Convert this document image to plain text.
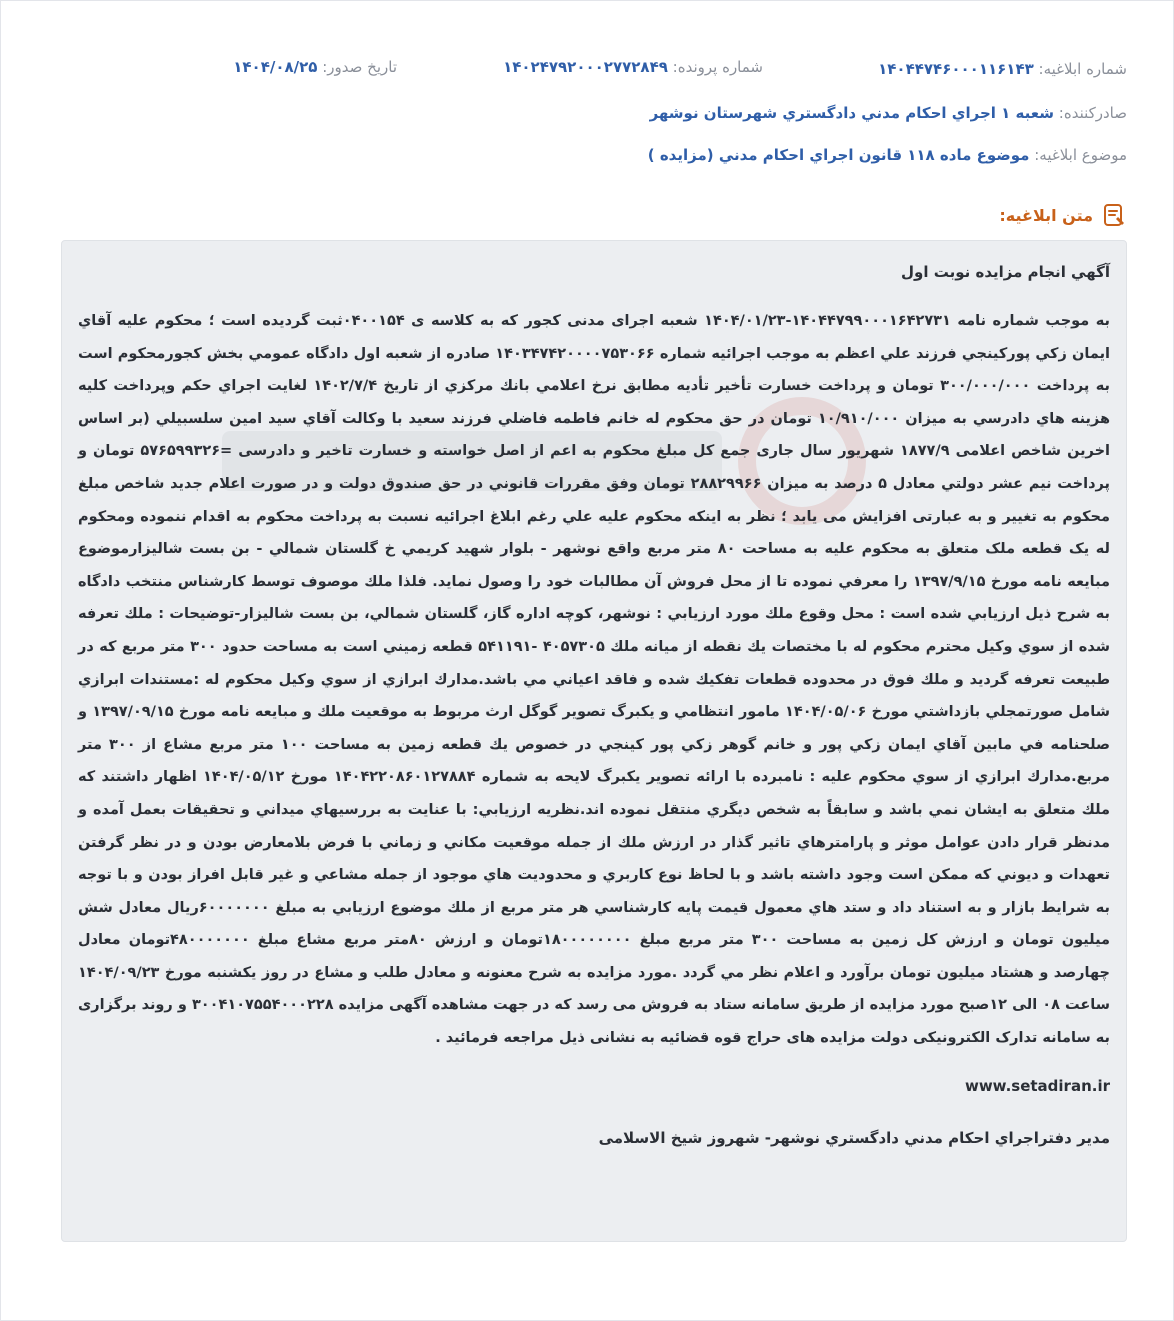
شماره ابلاغیه: ۱۴۰۴۴۷۴۶۰۰۰۱۱۶۱۴۳
شماره پرونده: ۱۴۰۲۴۷۹۲۰۰۰۲۷۷۲۸۴۹
تاریخ صدور: ۱۴۰۴/۰۸/۲۵
صادرکننده: شعبه ۱ اجراي احكام مدني دادگستري شهرستان نوشهر
موضوع ابلاغیه: موضوع ماده ۱۱۸ قانون اجراي احكام مدني (مزايده )
متن ابلاغیه:
آگهي انجام مزايده نوبت اول

به موجب شماره نامه ۱۴۰۴۴۷۹۹۰۰۰۱۶۴۲۷۳۱-۱۴۰۴/۰۱/۲۳ شعبه اجرای مدنی کجور که به کلاسه ی ۰۴۰۰۱۵۴ثبت گردیده است ؛ محکوم علیه آقاي ايمان زكي پوركينجي فرزند علي اعظم به موجب اجرائيه شماره ۱۴۰۳۴۷۴۲۰۰۰۰۷۵۳۰۶۶ صادره از شعبه اول دادگاه عمومي بخش کجورمحکوم است به پرداخت ۳۰۰/۰۰۰/۰۰۰ تومان و پرداخت خسارت تأخير تأديه مطابق نرخ اعلامي بانك مركزي از تاريخ ۱۴۰۲/۷/۴ لغايت اجراي حكم وپرداخت كليه هزينه هاي دادرسي به ميزان ۱۰/۹۱۰/۰۰۰ تومان در حق محكوم له خانم فاطمه فاضلي فرزند سعيد با وكالت آقاي سيد امين سلسبيلي (بر اساس اخرين شاخص اعلامی ۱۸۷۷/۹ شهريور سال جاری جمع کل مبلغ محکوم به اعم از اصل خواسته و خسارت تاخير و دادرسی =۵۷۶۵۹۹۳۲۶ تومان و پرداخت نيم عشر دولتي معادل ۵ درصد به ميزان ۲۸۸۲۹۹۶۶ تومان وفق مقررات قانوني در حق صندوق دولت و در صورت اعلام جديد شاخص مبلغ محکوم به تغيير و به عبارتی افزايش می يابد ؛ نظر به اينكه محكوم عليه علي رغم ابلاغ اجرائيه نسبت به پرداخت محكوم به اقدام ننموده ومحكوم له يک قطعه ملک متعلق به محکوم عليه به مساحت ۸۰ متر مربع واقع نوشهر - بلوار شهيد كريمي خ گلستان شمالي - بن بست شاليزارموضوع مبايعه نامه مورخ ۱۳۹۷/۹/۱۵ را معرفي نموده تا از محل فروش آن مطالبات خود را وصول نمايد. فلذا ملك موصوف توسط كارشناس منتخب دادگاه به شرح ذيل ارزيابي شده است : محل وقوع ملك مورد ارزيابي : نوشهر، كوچه اداره گاز، گلستان شمالي، بن بست شاليزار-توضيحات : ملك تعرفه شده از سوي وكيل محترم محكوم له با مختصات يك نقطه از ميانه ملك ۴۰۵۷۳۰۵ -۵۴۱۱۹۱ قطعه زميني است به مساحت حدود ۳۰۰ متر مربع كه در طبيعت تعرفه گرديد و ملك فوق در محدوده قطعات تفكيك شده و فاقد اعياني مي باشد.مدارك ابرازي از سوي وكيل محكوم له :مستندات ابرازي شامل صورتمجلي بازداشتي مورخ ۱۴۰۴/۰۵/۰۶ مامور انتظامي و يكبرگ تصوير گوگل ارث مربوط به موقعيت ملك و مبايعه نامه مورخ ۱۳۹۷/۰۹/۱۵ و صلحنامه في مابين آقاي ايمان زكي پور و خانم گوهر زكي پور كينجي در خصوص يك قطعه زمين به مساحت ۱۰۰ متر مربع مشاع از ۳۰۰ متر مربع.مدارك ابرازي از سوي محكوم عليه : نامبرده با ارائه تصوير يكبرگ لايحه به شماره ۱۴۰۴۲۲۰۸۶۰۱۲۷۸۸۴ مورخ ۱۴۰۴/۰۵/۱۲ اظهار داشتند كه ملك متعلق به ايشان نمي باشد و سابقاً به شخص ديگري منتقل نموده اند.نظريه ارزيابي: با عنايت به بررسيهاي ميداني و تحقيقات بعمل آمده و مدنظر قرار دادن عوامل موثر و پارامترهاي تاثير گذار در ارزش ملك از جمله موقعيت مكاني و زماني با فرض بلامعارض بودن و در نظر گرفتن تعهدات و ديوني كه ممكن است وجود داشته باشد و با لحاظ نوع كاربري و محدوديت هاي موجود از جمله مشاعي و غير قابل افراز بودن و با توجه به شرايط بازار و به استناد داد و ستد هاي معمول قيمت پايه كارشناسي هر متر مربع از ملك موضوع ارزيابي به مبلغ ۶۰۰۰۰۰۰۰ريال معادل شش ميليون تومان و ارزش كل زمين به مساحت ۳۰۰ متر مربع مبلغ ۱۸۰۰۰۰۰۰۰۰تومان و ارزش ۸۰متر مربع مشاع مبلغ ۴۸۰۰۰۰۰۰۰تومان معادل چهارصد و هشتاد ميليون تومان برآورد و اعلام نظر مي گردد .مورد مزايده به شرح معنونه و معادل طلب و مشاع در روز یکشنبه مورخ ۱۴۰۴/۰۹/۲۳ ساعت ۰۸ الی ۱۲صبح مورد مزايده از طريق سامانه ستاد به فروش می رسد كه در جهت مشاهده آگهی مزايده ۳۰۰۴۱۰۷۵۵۴۰۰۰۲۲۸ و روند برگزاری به سامانه تدارک الکترونيکی دولت مزايده های حراج قوه قضائيه به نشانی ذيل مراجعه فرمائيد .

www.setadiran.ir
مدير دفتراجراي احكام مدني دادگستري نوشهر- شهروز شيخ الاسلامی
